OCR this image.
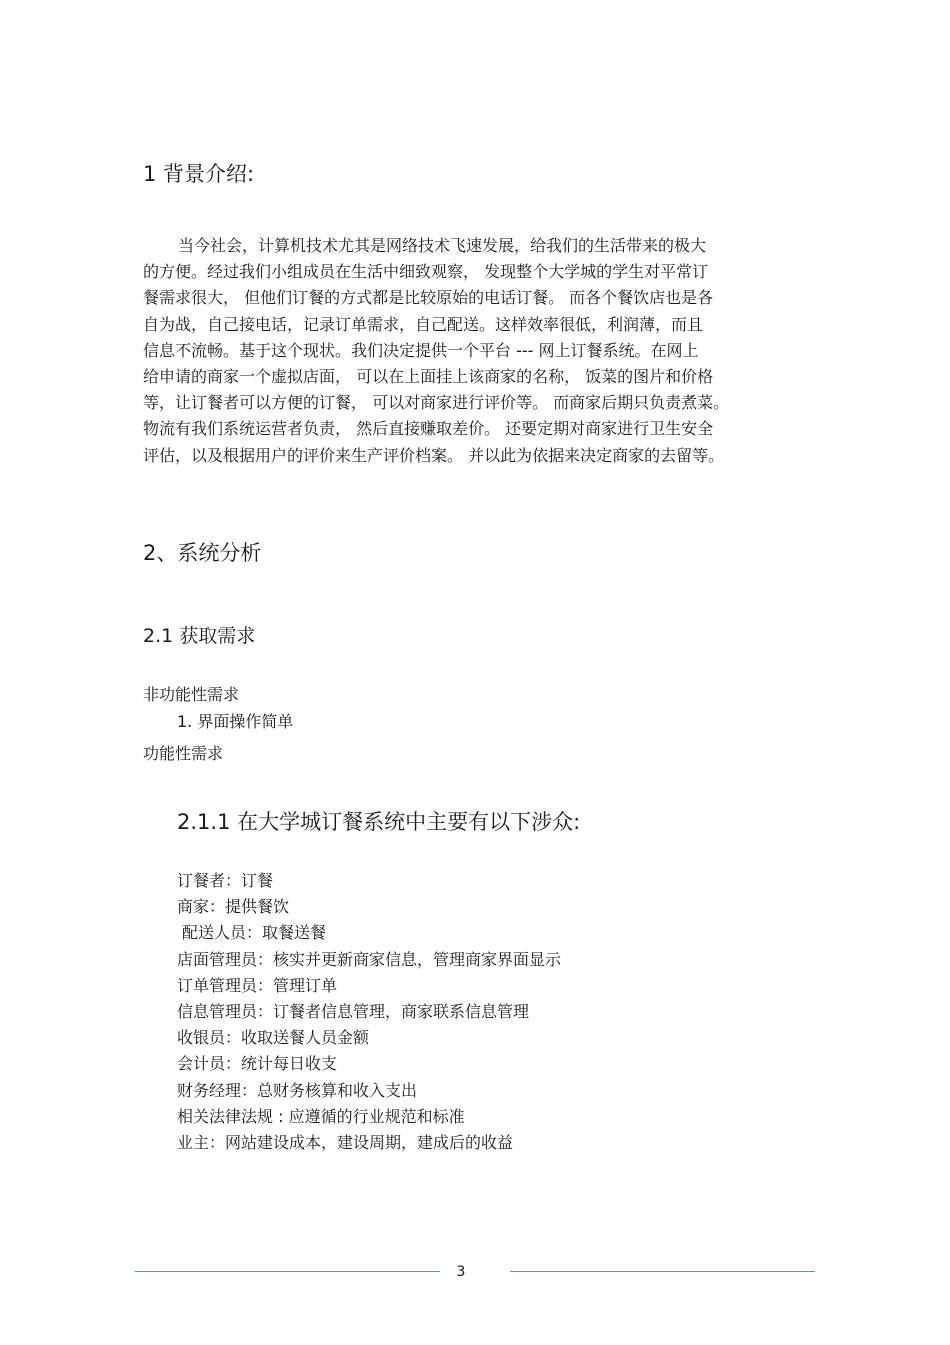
1 背景介绍:
当今社会，计算机技术尤其是网络技术飞速发展，给我们的生活带来的极大
的方便。经过我们小组成员在生活中细致观察， 发现整个大学城的学生对平常订
餐需求很大， 但他们订餐的方式都是比较原始的电话订餐。 而各个餐饮店也是各
自为战，自己接电话，记录订单需求，自己配送。这样效率很低，利润薄，而且
信息不流畅。基于这个现状。我们决定提供一个平台 --- 网上订餐系统。在网上
给申请的商家一个虚拟店面， 可以在上面挂上该商家的名称， 饭菜的图片和价格
等，让订餐者可以方便的订餐， 可以对商家进行评价等。 而商家后期只负责煮菜。
物流有我们系统运营者负责， 然后直接赚取差价。 还要定期对商家进行卫生安全
评估，以及根据用户的评价来生产评价档案。 并以此为依据来决定商家的去留等。
2、系统分析
2.1 获取需求
非功能性需求
1. 界面操作简单
功能性需求
2.1.1 在大学城订餐系统中主要有以下涉众:
订餐者：订餐
商家：提供餐饮
配送人员：取餐送餐
店面管理员：核实并更新商家信息，管理商家界面显示
订单管理员：管理订单
信息管理员：订餐者信息管理，商家联系信息管理
收银员：收取送餐人员金额
会计员：统计每日收支
财务经理：总财务核算和收入支出
相关法律法规 : 应遵循的行业规范和标准
业主：网站建设成本，建设周期，建成后的收益
3
